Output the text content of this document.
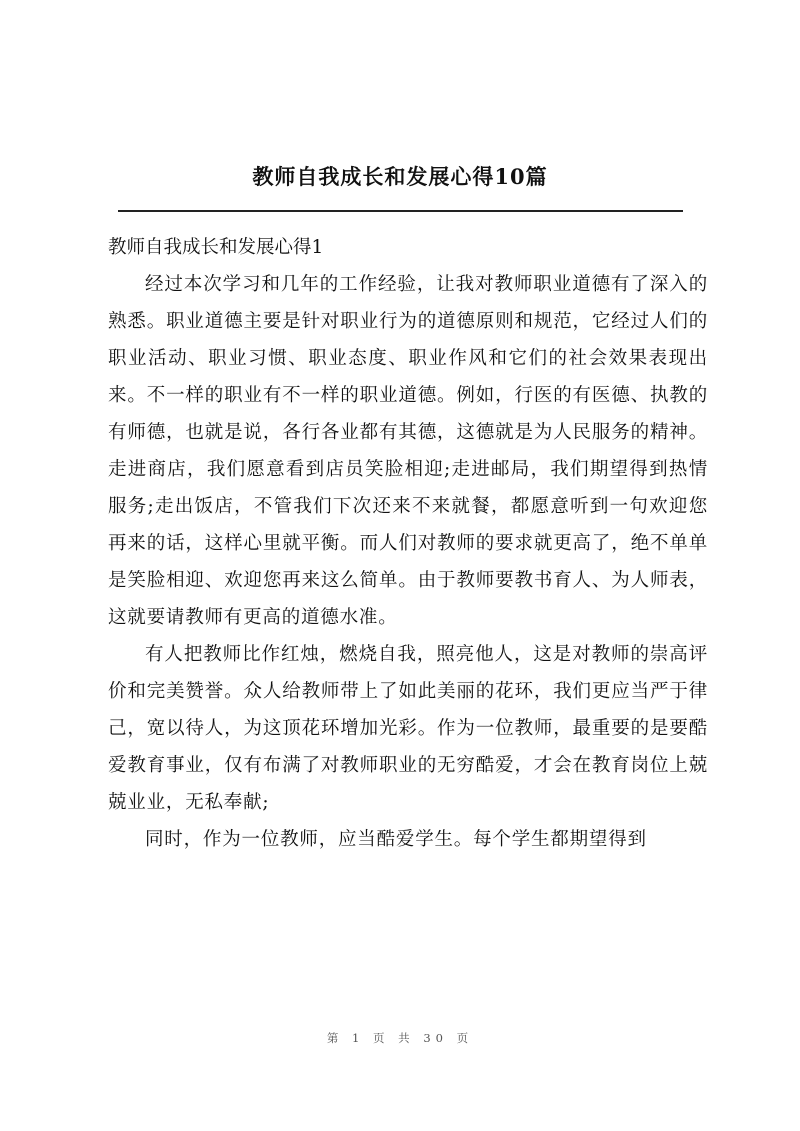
教师自我成长和发展心得10篇

教师自我成长和发展心得1

经过本次学习和几年的工作经验，让我对教师职业道德有了深入的熟悉。职业道德主要是针对职业行为的道德原则和规范，它经过人们的职业活动、职业习惯、职业态度、职业作风和它们的社会效果表现出来。不一样的职业有不一样的职业道德。例如，行医的有医德、执教的有师德，也就是说，各行各业都有其德，这德就是为人民服务的精神。走进商店，我们愿意看到店员笑脸相迎;走进邮局，我们期望得到热情服务;走出饭店，不管我们下次还来不来就餐，都愿意听到一句欢迎您再来的话，这样心里就平衡。而人们对教师的要求就更高了，绝不单单是笑脸相迎、欢迎您再来这么简单。由于教师要教书育人、为人师表，这就要请教师有更高的道德水准。

有人把教师比作红烛，燃烧自我，照亮他人，这是对教师的崇高评价和完美赞誉。众人给教师带上了如此美丽的花环，我们更应当严于律己，宽以待人，为这顶花环增加光彩。作为一位教师，最重要的是要酷爱教育事业，仅有布满了对教师职业的无穷酷爱，才会在教育岗位上兢兢业业，无私奉献;

同时，作为一位教师，应当酷爱学生。每个学生都期望得到

第 1 页 共 30 页
